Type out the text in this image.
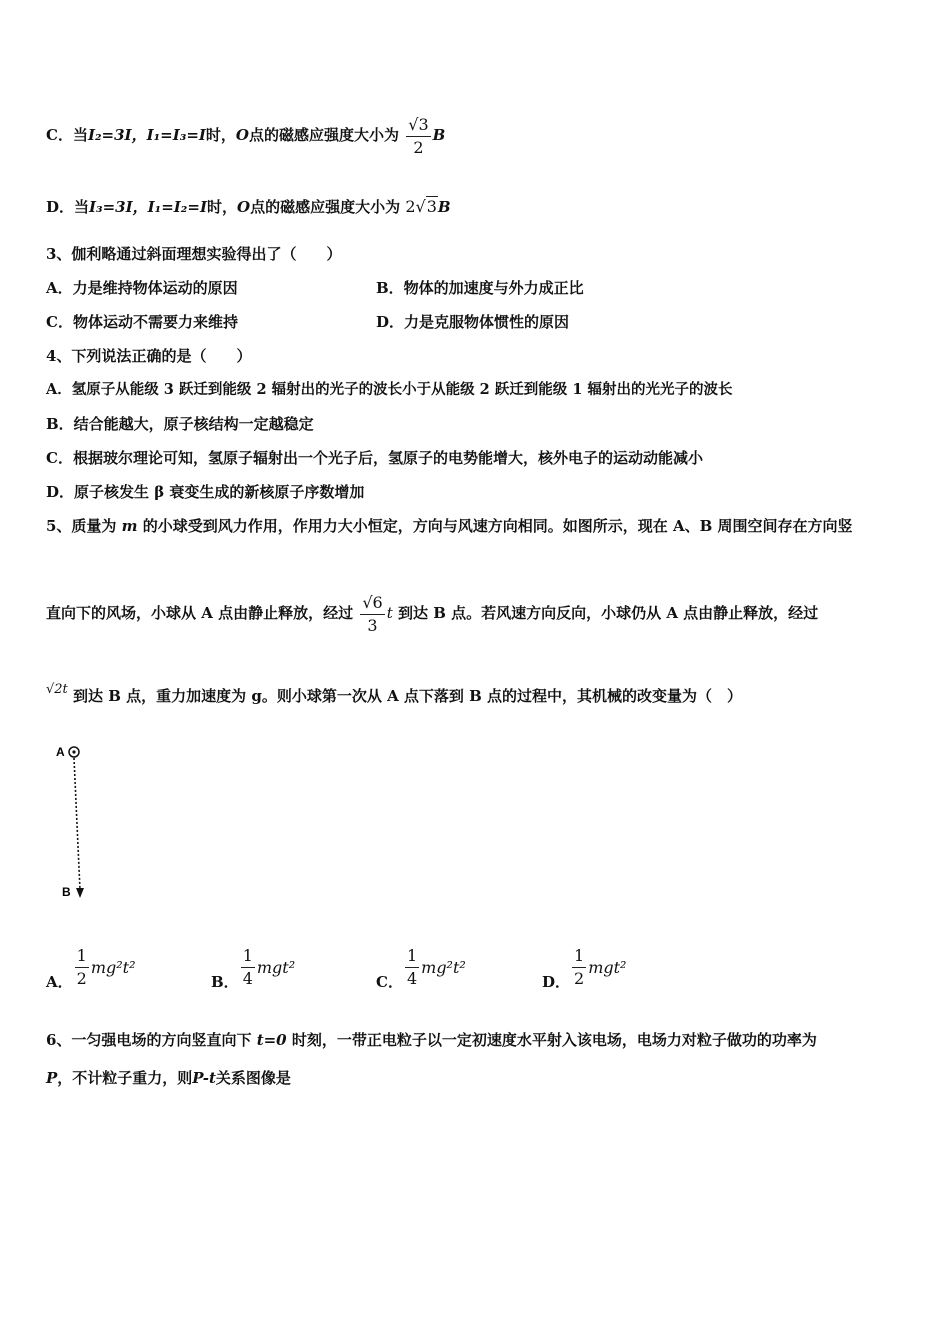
C．当I₂=3I，I₁=I₃=I时，O点的磁感应强度大小为 $\frac{√3}{2}$ B
D．当I₃=3I，I₁=I₂=I时，O点的磁感应强度大小为 2√3B
3、伽利略通过斜面理想实验得出了（　　）
A．力是维持物体运动的原因	B．物体的加速度与外力成正比
C．物体运动不需要力来维持	D．力是克服物体惯性的原因
4、下列说法正确的是（　　）
A．氢原子从能级 3 跃迁到能级 2 辐射出的光子的波长小于从能级 2 跃迁到能级 1 辐射出的光光子的波长
B．结合能越大，原子核结构一定越稳定
C．根据玻尔理论可知，氢原子辐射出一个光子后，氢原子的电势能增大，核外电子的运动动能减小
D．原子核发生 β 衰变生成的新核原子序数增加
5、质量为 m 的小球受到风力作用，作用力大小恒定，方向与风速方向相同。如图所示，现在 A、B 周围空间存在方向竖
直向下的风场，小球从 A 点由静止释放，经过 $\frac{√6}{3}$ t 到达 B 点。若风速方向反向，小球仍从 A 点由静止释放，经过
√2t 到达 B 点，重力加速度为 g。则小球第一次从 A 点下落到 B 点的过程中，其机械的改变量为（　）
A
B
A． $\frac{1}{2} mg^2t^2$
B． $\frac{1}{4} mgt^2$
C． $\frac{1}{4} mg^2t^2$
D． $\frac{1}{2} mgt^2$
6、一匀强电场的方向竖直向下 t=0 时刻，一带正电粒子以一定初速度水平射入该电场，电场力对粒子做功的功率为
P，不计粒子重力，则P-t关系图像是
